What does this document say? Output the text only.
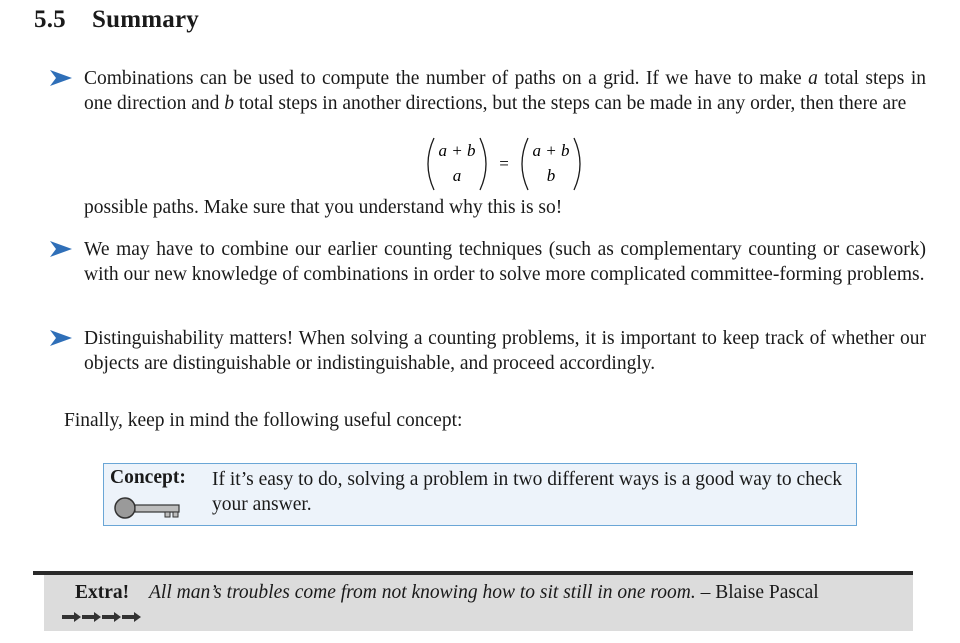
5.5 Summary
Combinations can be used to compute the number of paths on a grid. If we have to make a total steps in one direction and b total steps in another directions, but the steps can be made in any order, then there are
a + b
a
=
a + b
b
possible paths. Make sure that you understand why this is so!
We may have to combine our earlier counting techniques (such as complementary counting or casework) with our new knowledge of combinations in order to solve more complicated committee-forming problems.
Distinguishability matters! When solving a counting problems, it is important to keep track of whether our objects are distinguishable or indistinguishable, and proceed accordingly.
Finally, keep in mind the following useful concept:
Concept: If it’s easy to do, solving a problem in two different ways is a good way to check your answer.
Extra! All man’s troubles come from not knowing how to sit still in one room. – Blaise Pascal
